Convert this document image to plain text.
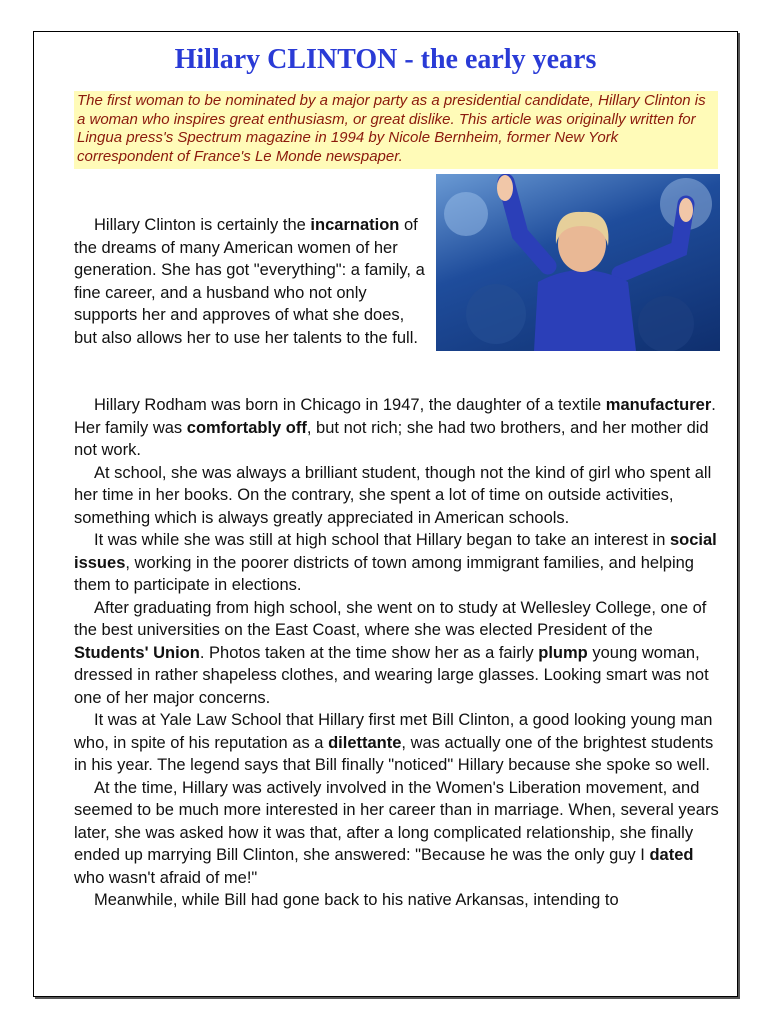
Hillary CLINTON - the early years

The first woman to be nominated by a major party as a presidential candidate, Hillary Clinton is a woman who inspires great enthusiasm, or great dislike. This article was originally written for Lingua press's Spectrum magazine in 1994 by Nicole Bernheim, former New York correspondent of France's Le Monde newspaper.

Hillary Clinton is certainly the incarnation of the dreams of many American women of her generation. She has got "everything": a family, a fine career, and a husband who not only supports her and approves of what she does, but also allows her to use her talents to the full.

Hillary Rodham was born in Chicago in 1947, the daughter of a textile manufacturer. Her family was comfortably off, but not rich; she had two brothers, and her mother did not work.

At school, she was always a brilliant student, though not the kind of girl who spent all her time in her books. On the contrary, she spent a lot of time on outside activities, something which is always greatly appreciated in American schools.

It was while she was still at high school that Hillary began to take an interest in social issues, working in the poorer districts of town among immigrant families, and helping them to participate in elections.

After graduating from high school, she went on to study at Wellesley College, one of the best universities on the East Coast, where she was elected President of the Students' Union. Photos taken at the time show her as a fairly plump young woman, dressed in rather shapeless clothes, and wearing large glasses. Looking smart was not one of her major concerns.

It was at Yale Law School that Hillary first met Bill Clinton, a good looking young man who, in spite of his reputation as a dilettante, was actually one of the brightest students in his year. The legend says that Bill finally "noticed" Hillary because she spoke so well.

At the time, Hillary was actively involved in the Women's Liberation movement, and seemed to be much more interested in her career than in marriage. When, several years later, she was asked how it was that, after a long complicated relationship, she finally ended up marrying Bill Clinton, she answered: "Because he was the only guy I dated who wasn't afraid of me!"

Meanwhile, while Bill had gone back to his native Arkansas, intending to
